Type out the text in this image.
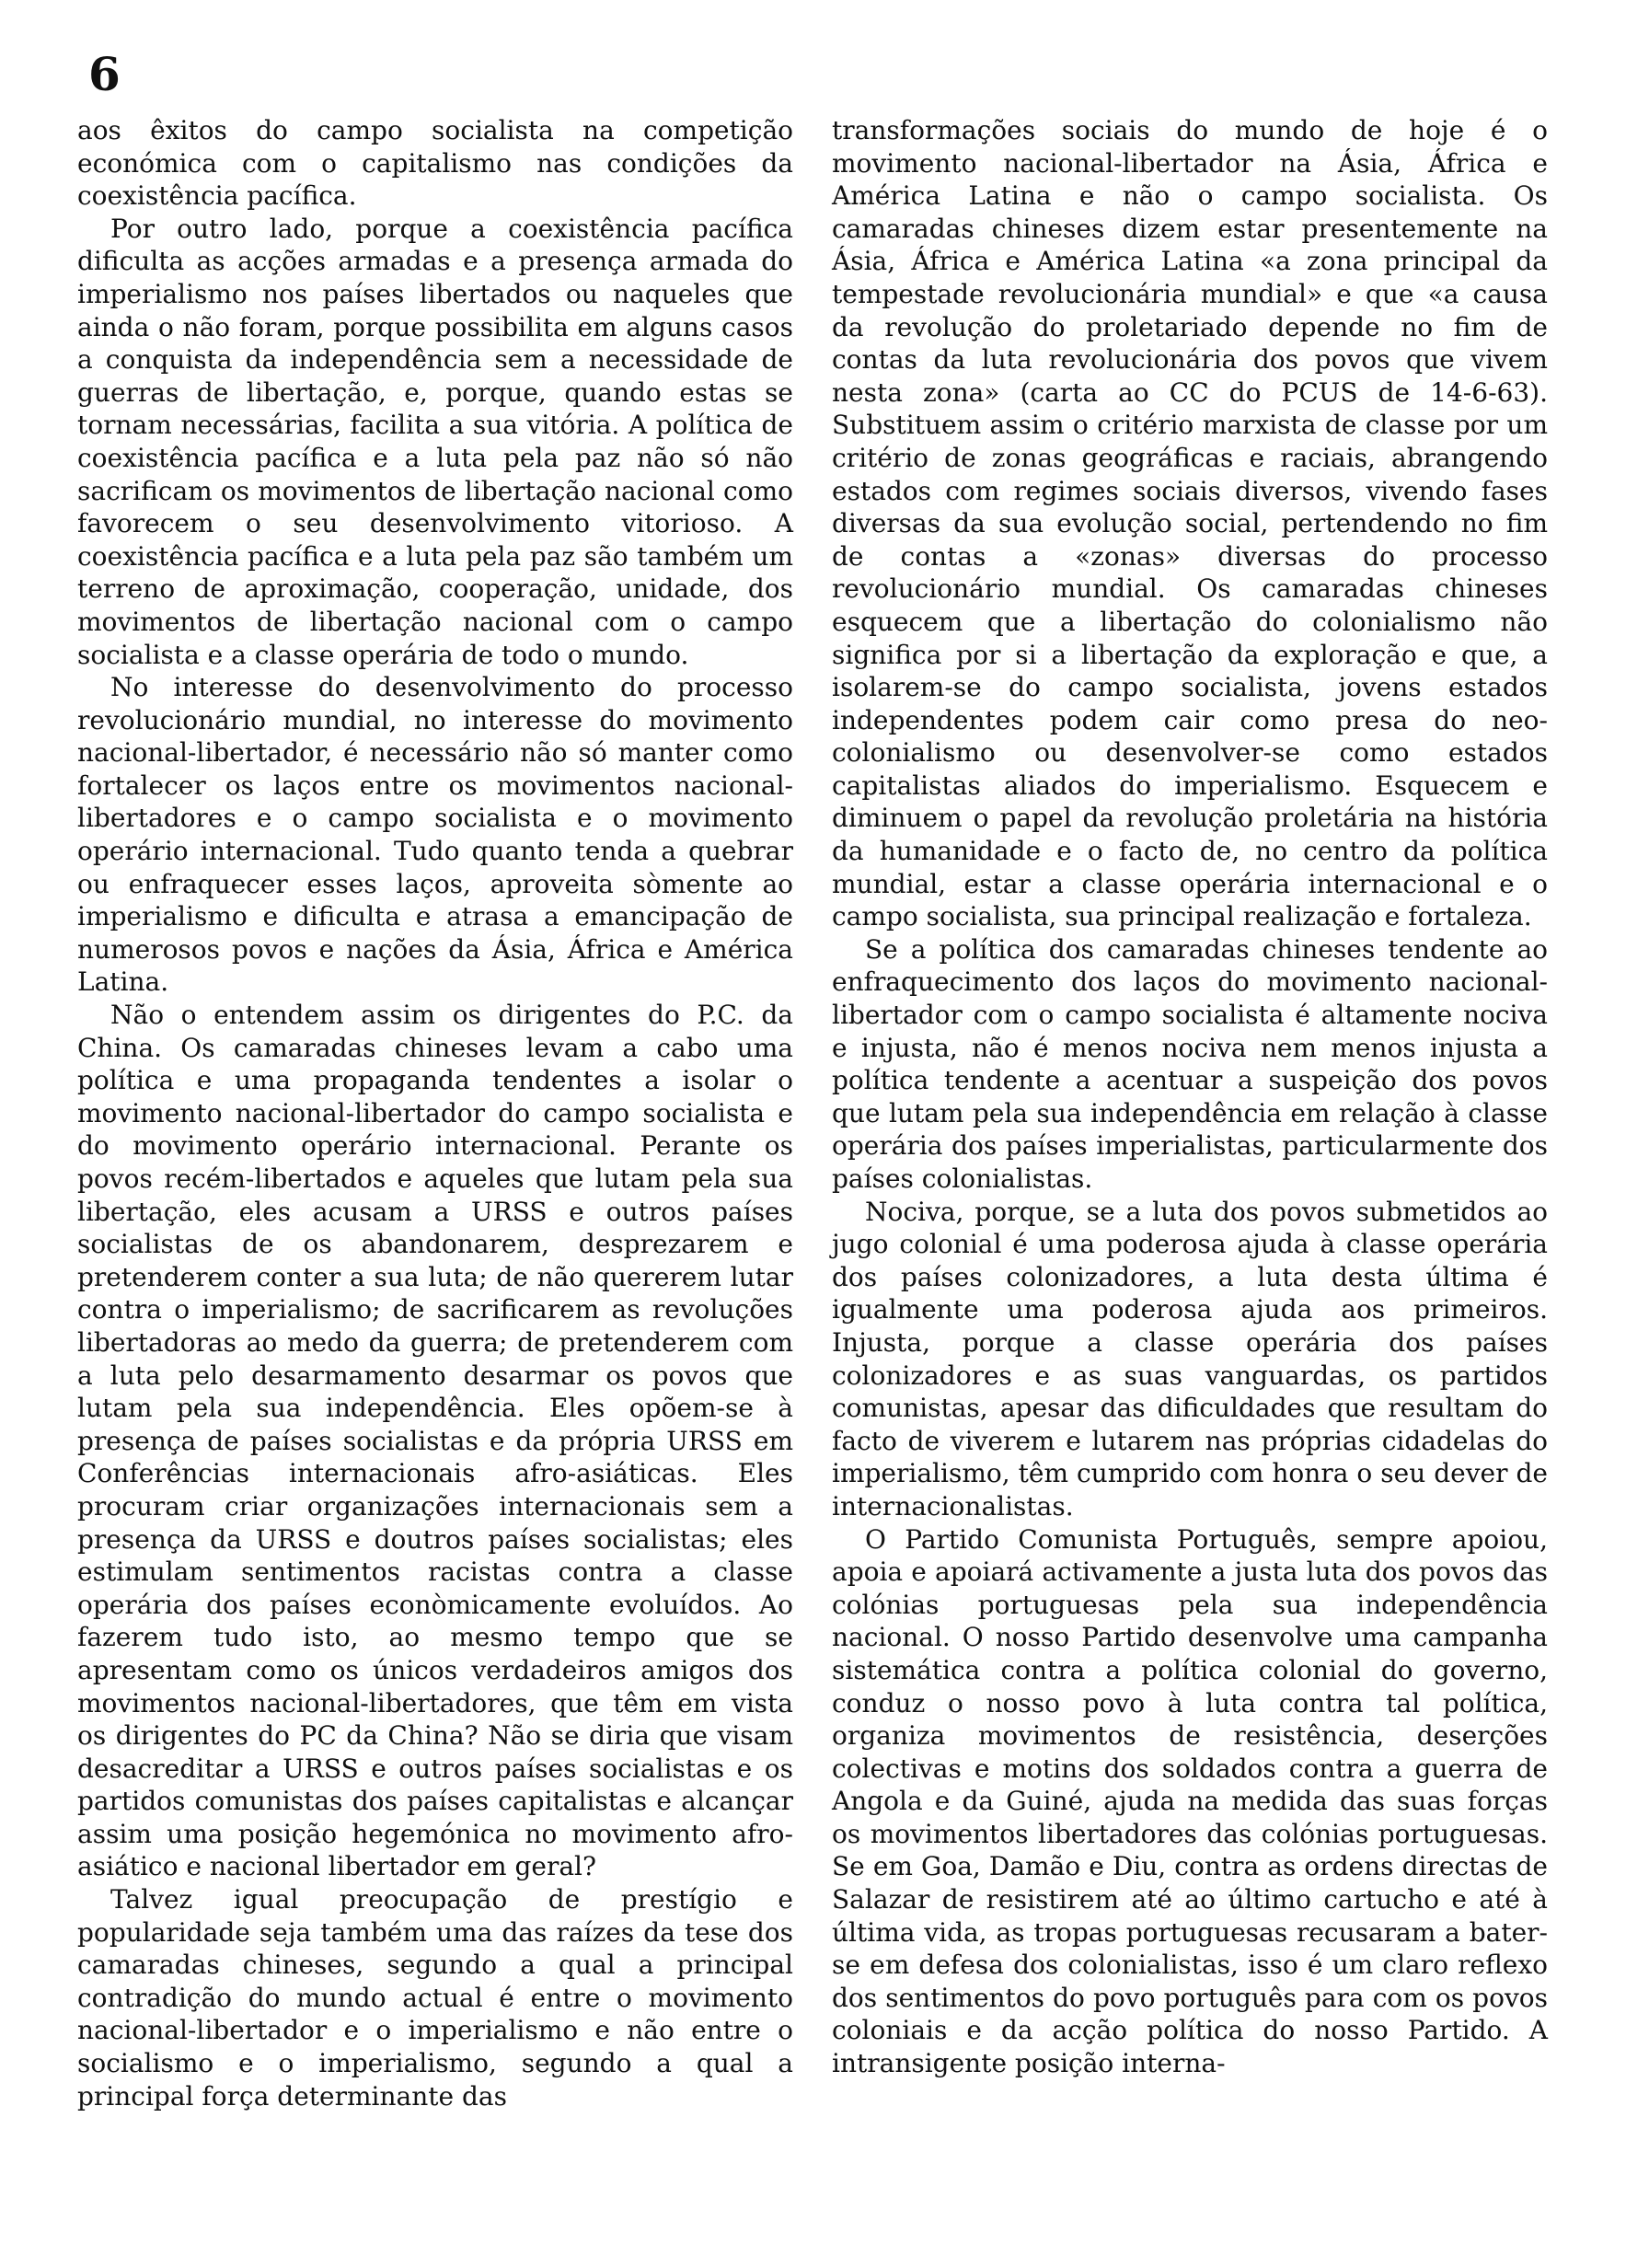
6

aos êxitos do campo socialista na competição económica com o capitalismo nas condições da coexistência pacífica.

Por outro lado, porque a coexistência pacífica dificulta as acções armadas e a presença armada do imperialismo nos países libertados ou naqueles que ainda o não foram, porque possibilita em alguns casos a conquista da independência sem a necessidade de guerras de libertação, e, porque, quando estas se tornam necessárias, facilita a sua vitória. A política de coexistência pacífica e a luta pela paz não só não sacrificam os movimentos de libertação nacional como favorecem o seu desenvolvimento vitorioso. A coexistência pacífica e a luta pela paz são também um terreno de aproximação, cooperação, unidade, dos movimentos de libertação nacional com o campo socialista e a classe operária de todo o mundo.

No interesse do desenvolvimento do processo revolucionário mundial, no interesse do movimento nacional-libertador, é necessário não só manter como fortalecer os laços entre os movimentos nacional-libertadores e o campo socialista e o movimento operário internacional. Tudo quanto tenda a quebrar ou enfraquecer esses laços, aproveita sòmente ao imperialismo e dificulta e atrasa a emancipação de numerosos povos e nações da Ásia, África e América Latina.

Não o entendem assim os dirigentes do P.C. da China. Os camaradas chineses levam a cabo uma política e uma propaganda tendentes a isolar o movimento nacional-libertador do campo socialista e do movimento operário internacional. Perante os povos recém-libertados e aqueles que lutam pela sua libertação, eles acusam a URSS e outros países socialistas de os abandonarem, desprezarem e pretenderem conter a sua luta; de não quererem lutar contra o imperialismo; de sacrificarem as revoluções libertadoras ao medo da guerra; de pretenderem com a luta pelo desarmamento desarmar os povos que lutam pela sua independência. Eles opõem-se à presença de países socialistas e da própria URSS em Conferências internacionais afro-asiáticas. Eles procuram criar organizações internacionais sem a presença da URSS e doutros países socialistas; eles estimulam sentimentos racistas contra a classe operária dos países econòmicamente evoluídos. Ao fazerem tudo isto, ao mesmo tempo que se apresentam como os únicos verdadeiros amigos dos movimentos nacional-libertadores, que têm em vista os dirigentes do PC da China? Não se diria que visam desacreditar a URSS e outros países socialistas e os partidos comunistas dos países capitalistas e alcançar assim uma posição hegemónica no movimento afro-asiático e nacional libertador em geral?

Talvez igual preocupação de prestígio e popularidade seja também uma das raízes da tese dos camaradas chineses, segundo a qual a principal contradição do mundo actual é entre o movimento nacional-libertador e o imperialismo e não entre o socialismo e o imperialismo, segundo a qual a principal força determinante das

transformações sociais do mundo de hoje é o movimento nacional-libertador na Ásia, África e América Latina e não o campo socialista. Os camaradas chineses dizem estar presentemente na Ásia, África e América Latina «a zona principal da tempestade revolucionária mundial» e que «a causa da revolução do proletariado depende no fim de contas da luta revolucionária dos povos que vivem nesta zona» (carta ao CC do PCUS de 14-6-63). Substituem assim o critério marxista de classe por um critério de zonas geográficas e raciais, abrangendo estados com regimes sociais diversos, vivendo fases diversas da sua evolução social, pertendendo no fim de contas a «zonas» diversas do processo revolucionário mundial. Os camaradas chineses esquecem que a libertação do colonialismo não significa por si a libertação da exploração e que, a isolarem-se do campo socialista, jovens estados independentes podem cair como presa do neo-colonialismo ou desenvolver-se como estados capitalistas aliados do imperialismo. Esquecem e diminuem o papel da revolução proletária na história da humanidade e o facto de, no centro da política mundial, estar a classe operária internacional e o campo socialista, sua principal realização e fortaleza.

Se a política dos camaradas chineses tendente ao enfraquecimento dos laços do movimento nacional-libertador com o campo socialista é altamente nociva e injusta, não é menos nociva nem menos injusta a política tendente a acentuar a suspeição dos povos que lutam pela sua independência em relação à classe operária dos países imperialistas, particularmente dos países colonialistas.

Nociva, porque, se a luta dos povos submetidos ao jugo colonial é uma poderosa ajuda à classe operária dos países colonizadores, a luta desta última é igualmente uma poderosa ajuda aos primeiros. Injusta, porque a classe operária dos países colonizadores e as suas vanguardas, os partidos comunistas, apesar das dificuldades que resultam do facto de viverem e lutarem nas próprias cidadelas do imperialismo, têm cumprido com honra o seu dever de internacionalistas.

O Partido Comunista Português, sempre apoiou, apoia e apoiará activamente a justa luta dos povos das colónias portuguesas pela sua independência nacional. O nosso Partido desenvolve uma campanha sistemática contra a política colonial do governo, conduz o nosso povo à luta contra tal política, organiza movimentos de resistência, deserções colectivas e motins dos soldados contra a guerra de Angola e da Guiné, ajuda na medida das suas forças os movimentos libertadores das colónias portuguesas. Se em Goa, Damão e Diu, contra as ordens directas de Salazar de resistirem até ao último cartucho e até à última vida, as tropas portuguesas recusaram a bater-se em defesa dos colonialistas, isso é um claro reflexo dos sentimentos do povo português para com os povos coloniais e da acção política do nosso Partido. A intransigente posição interna-
